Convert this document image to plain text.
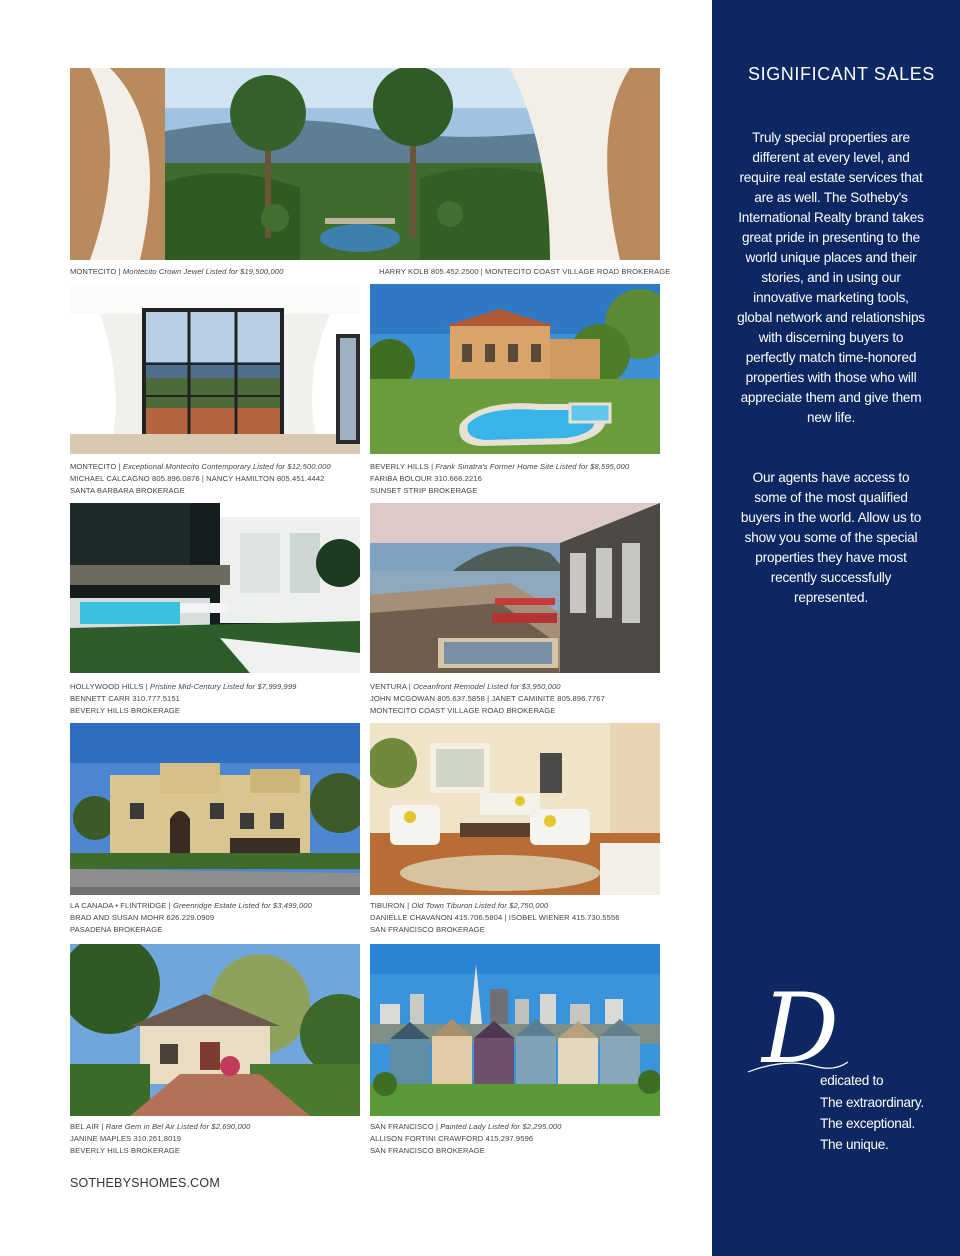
MONTECITO | Montecito Crown Jewel Listed for $19,500,000	HARRY KOLB 805.452.2500 | MONTECITO COAST VILLAGE ROAD BROKERAGE
MONTECITO | Exceptional Montecito Contemporary Listed for $12,500,000
MICHAEL CALCAGNO 805.896.0876 | NANCY HAMILTON 805.451.4442
SANTA BARBARA BROKERAGE
BEVERLY HILLS | Frank Sinatra's Former Home Site Listed for $8,595,000
FARIBA BOLOUR 310.666.2216
SUNSET STRIP BROKERAGE
HOLLYWOOD HILLS | Pristine Mid-Century Listed for $7,999,999
BENNETT CARR 310.777.5151
BEVERLY HILLS BROKERAGE
VENTURA | Oceanfront Remodel Listed for $3,950,000
JOHN MCGOWAN 805.637.5858 | JANET CAMINITE 805.896.7767
MONTECITO COAST VILLAGE ROAD BROKERAGE
LA CANADA • FLINTRIDGE | Greenridge Estate Listed for $3,499,000
BRAD AND SUSAN MOHR 626.229.0909
PASADENA BROKERAGE
TIBURON | Old Town Tiburon Listed for $2,750,000
DANIELLE CHAVANON 415.706.5804 | ISOBEL WIENER 415.730.5556
SAN FRANCISCO BROKERAGE
BEL AIR | Rare Gem in Bel Air Listed for $2,690,000
JANINE MAPLES 310.261.8019
BEVERLY HILLS BROKERAGE
SAN FRANCISCO | Painted Lady Listed for $2,295,000
ALLISON FORTINI CRAWFORD 415.297.9596
SAN FRANCISCO BROKERAGE
SOTHEBYSHOMES.COM
SIGNIFICANT SALES

Truly special properties are different at every level, and require real estate services that are as well. The Sotheby's International Realty brand takes great pride in presenting to the world unique places and their stories, and in using our innovative marketing tools, global network and relationships with discerning buyers to perfectly match time-honored properties with those who will appreciate them and give them new life.

Our agents have access to some of the most qualified buyers in the world. Allow us to show you some of the special properties they have most recently successfully represented.

D
edicated to
The extraordinary.
The exceptional.
The unique.
